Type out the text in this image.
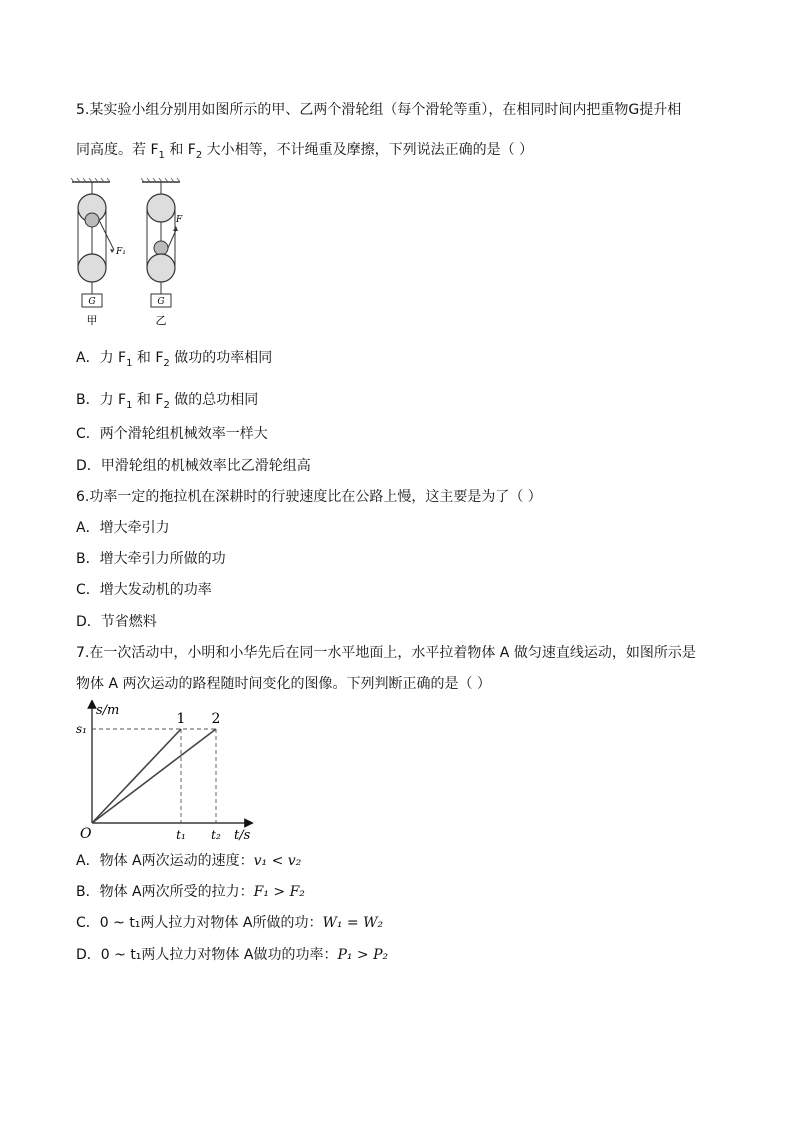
5.某实验小组分别用如图所示的甲、乙两个滑轮组（每个滑轮等重），在相同时间内把重物G提升相
同高度。若 $F_1$ 和 $F_2$ 大小相等，不计绳重及摩擦，下列说法正确的是（ ）
F₁
G
甲
F
G
乙
A．力 $F_1$ 和 $F_2$ 做功的功率相同
B．力 $F_1$ 和 $F_2$ 做的总功相同
C．两个滑轮组机械效率一样大
D．甲滑轮组的机械效率比乙滑轮组高
6.功率一定的拖拉机在深耕时的行驶速度比在公路上慢，这主要是为了（ ）
A．增大牵引力
B．增大牵引力所做的功
C．增大发动机的功率
D．节省燃料
7.在一次活动中，小明和小华先后在同一水平地面上，水平拉着物体 A 做匀速直线运动，如图所示是
物体 A 两次运动的路程随时间变化的图像。下列判断正确的是（ ）
1 2
t₁ t₂
s₁
s/m
t/s
O
A．物体 A两次运动的速度：v₁ < v₂
B．物体 A两次所受的拉力：F₁ > F₂
C．0 ~ t₁两人拉力对物体 A所做的功：W₁ = W₂
D．0 ~ t₁两人拉力对物体 A做功的功率：P₁ > P₂
